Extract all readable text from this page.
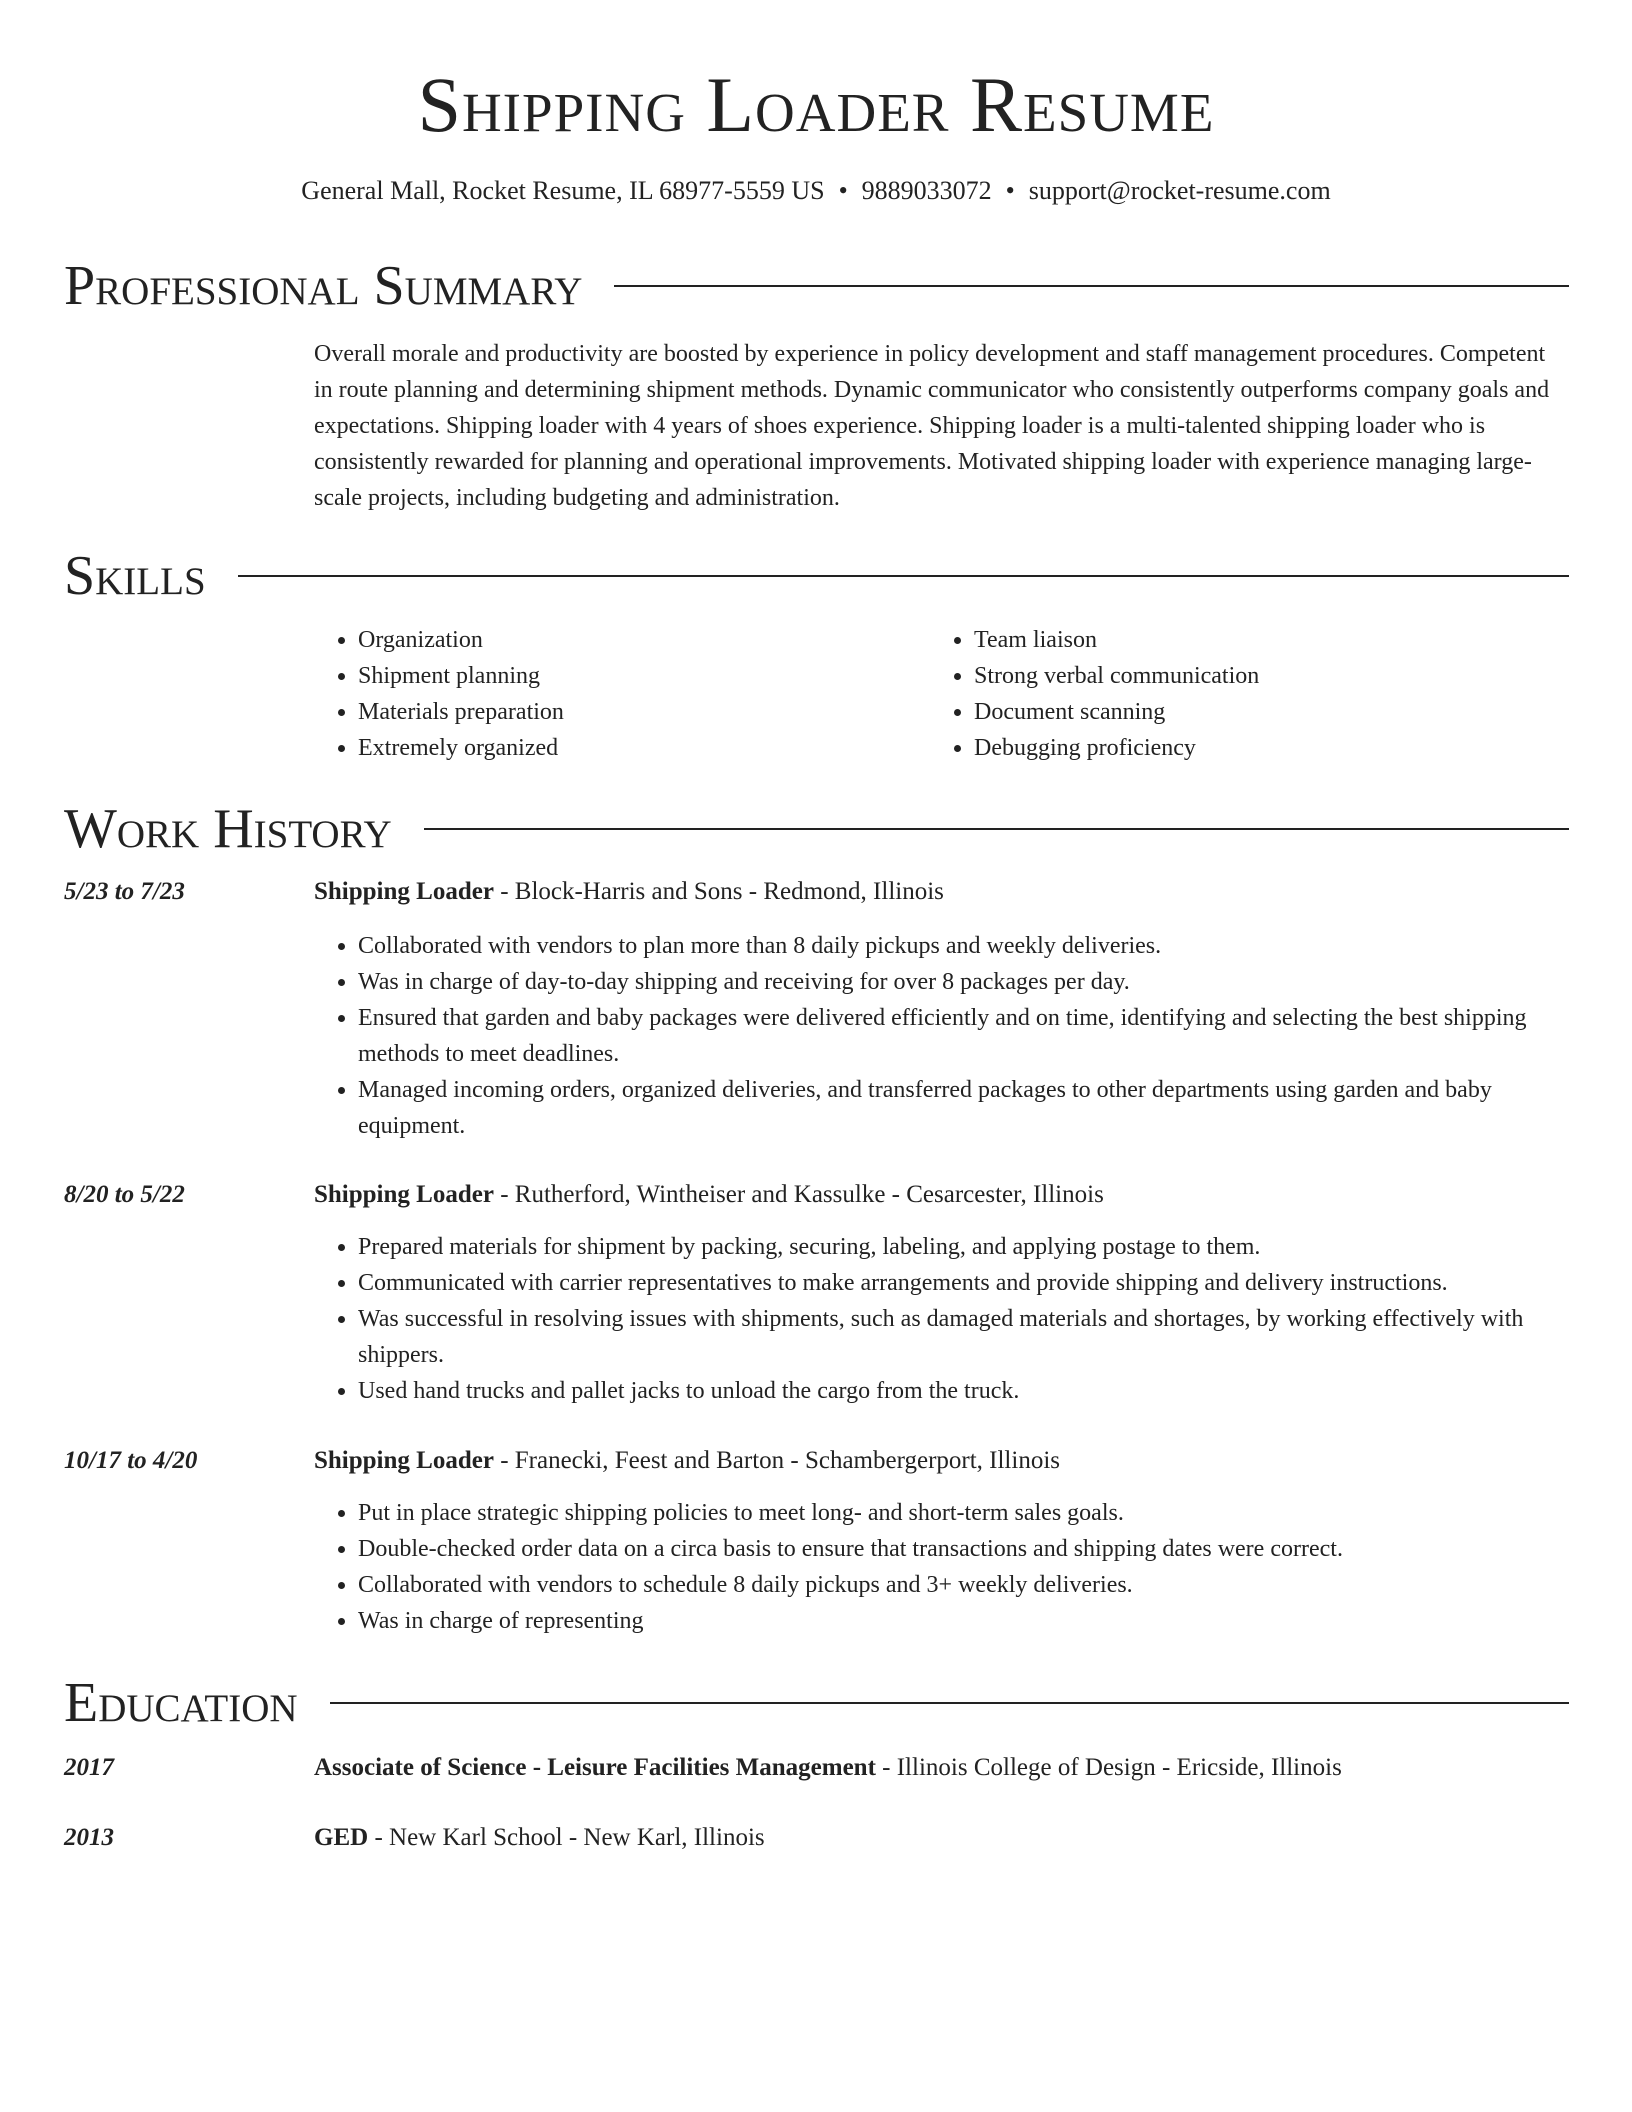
Shipping Loader Resume
General Mall, Rocket Resume, IL 68977-5559 US • 9889033072 • support@rocket-resume.com
Professional Summary
Overall morale and productivity are boosted by experience in policy development and staff management procedures. Competent in route planning and determining shipment methods. Dynamic communicator who consistently outperforms company goals and expectations. Shipping loader with 4 years of shoes experience. Shipping loader is a multi-talented shipping loader who is consistently rewarded for planning and operational improvements. Motivated shipping loader with experience managing large-scale projects, including budgeting and administration.
Skills
• Organization
• Shipment planning
• Materials preparation
• Extremely organized
• Team liaison
• Strong verbal communication
• Document scanning
• Debugging proficiency
Work History
5/23 to 7/23	Shipping Loader - Block-Harris and Sons - Redmond, Illinois
• Collaborated with vendors to plan more than 8 daily pickups and weekly deliveries.
• Was in charge of day-to-day shipping and receiving for over 8 packages per day.
• Ensured that garden and baby packages were delivered efficiently and on time, identifying and selecting the best shipping methods to meet deadlines.
• Managed incoming orders, organized deliveries, and transferred packages to other departments using garden and baby equipment.
8/20 to 5/22	Shipping Loader - Rutherford, Wintheiser and Kassulke - Cesarcester, Illinois
• Prepared materials for shipment by packing, securing, labeling, and applying postage to them.
• Communicated with carrier representatives to make arrangements and provide shipping and delivery instructions.
• Was successful in resolving issues with shipments, such as damaged materials and shortages, by working effectively with shippers.
• Used hand trucks and pallet jacks to unload the cargo from the truck.
10/17 to 4/20	Shipping Loader - Franecki, Feest and Barton - Schambergerport, Illinois
• Put in place strategic shipping policies to meet long- and short-term sales goals.
• Double-checked order data on a circa basis to ensure that transactions and shipping dates were correct.
• Collaborated with vendors to schedule 8 daily pickups and 3+ weekly deliveries.
• Was in charge of representing
Education
2017	Associate of Science - Leisure Facilities Management - Illinois College of Design - Ericside, Illinois
2013	GED - New Karl School - New Karl, Illinois
